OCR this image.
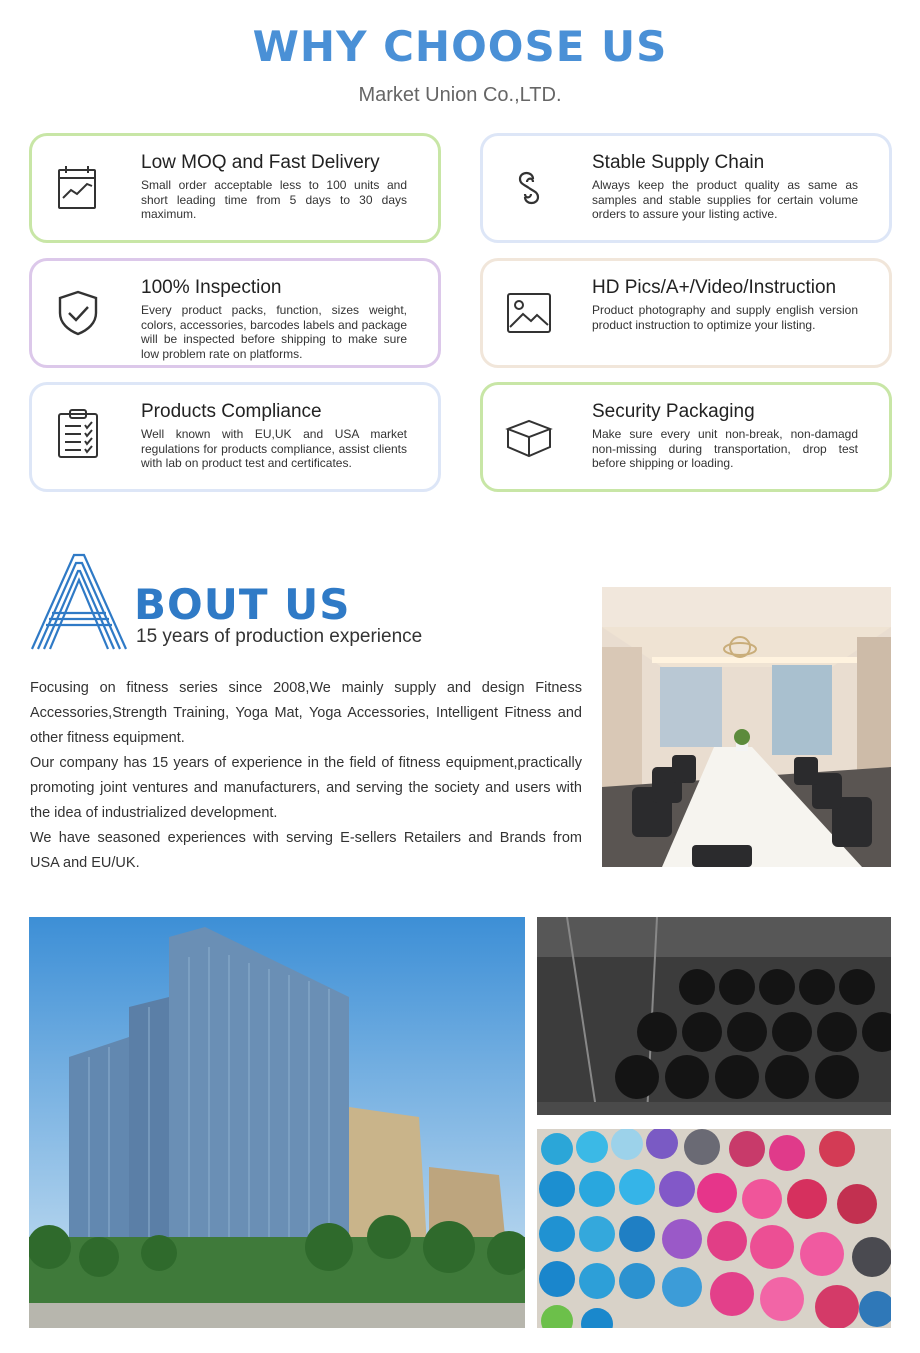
WHY CHOOSE US
Market Union Co.,LTD.
Low MOQ and Fast Delivery
Small order acceptable less to 100 units and short leading time from 5 days to 30 days maximum.
Stable Supply Chain
Always keep the product quality as same as samples and stable supplies for certain volume orders to assure your listing active.
100% Inspection
Every product packs, function, sizes weight, colors, accessories, barcodes labels and package will be inspected before shipping to make sure low problem rate on platforms.
HD Pics/A+/Video/Instruction
Product photography and supply english version product instruction to optimize your listing.
Products Compliance
Well known with EU,UK and USA market regulations for products compliance, assist clients with lab on product test and certificates.
Security Packaging
Make sure every unit non-break, non-damagd non-missing during transportation, drop test before shipping or loading.
BOUT US
15 years of production experience

Focusing on fitness series since 2008,We mainly supply and design Fitness Accessories,Strength Training, Yoga Mat, Yoga Accessories, Intelligent Fitness and other fitness equipment.

Our company has 15 years of experience in the field of fitness equipment,practically promoting joint ventures and manufacturers, and serving the society and users with the idea of industrialized development.

We have seasoned experiences with serving E-sellers Retailers and Brands from USA and EU/UK.
